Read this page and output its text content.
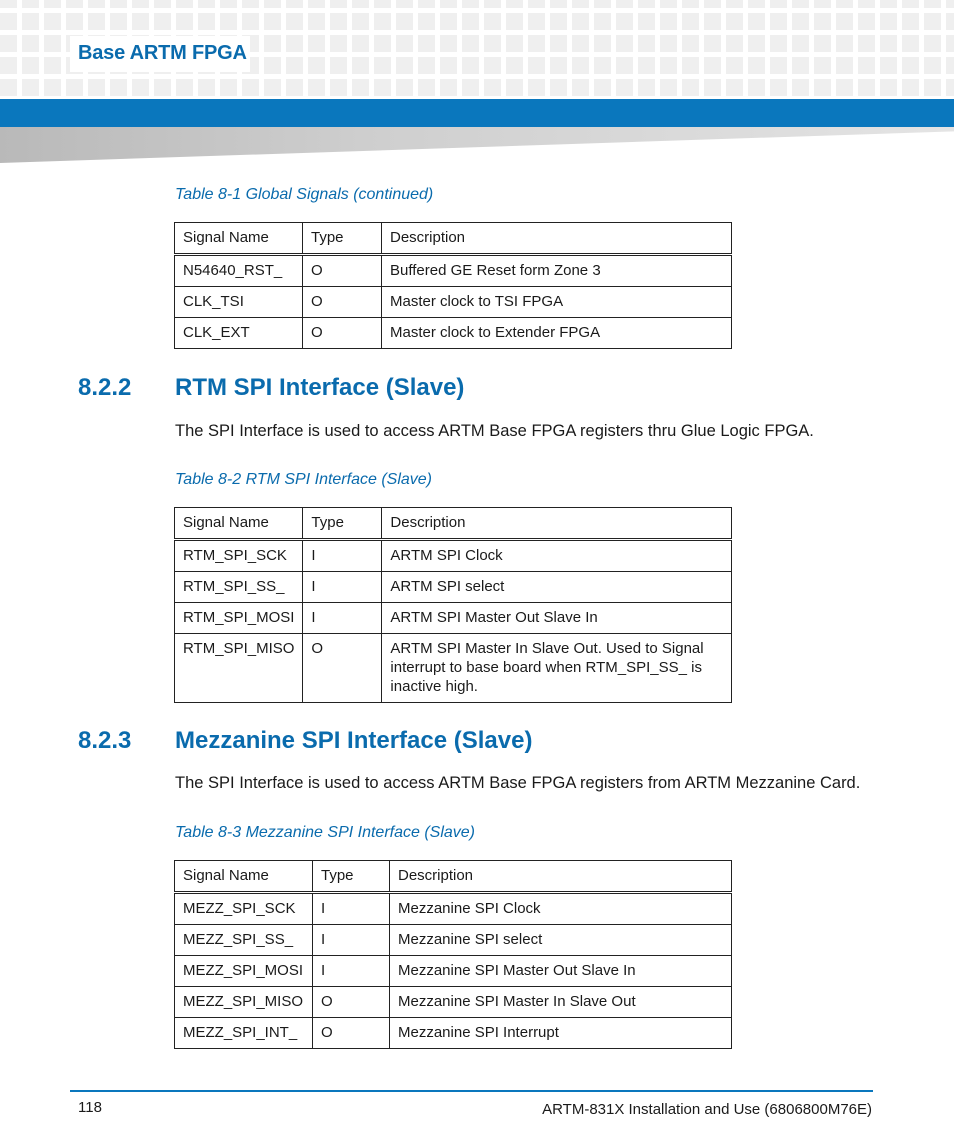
Base ARTM FPGA
Table 8-1 Global Signals (continued)
Signal Name	Type	Description
N54640_RST_	O	Buffered GE Reset form Zone 3
CLK_TSI	O	Master clock to TSI FPGA
CLK_EXT	O	Master clock to Extender FPGA
8.2.2 RTM SPI Interface (Slave)
The SPI Interface is used to access ARTM Base FPGA registers thru Glue Logic FPGA.
Table 8-2 RTM SPI Interface (Slave)
Signal Name	Type	Description
RTM_SPI_SCK	I	ARTM SPI Clock
RTM_SPI_SS_	I	ARTM SPI select
RTM_SPI_MOSI	I	ARTM SPI Master Out Slave In
RTM_SPI_MISO	O	ARTM SPI Master In Slave Out. Used to Signal interrupt to base board when RTM_SPI_SS_ is inactive high.
8.2.3 Mezzanine SPI Interface (Slave)
The SPI Interface is used to access ARTM Base FPGA registers from ARTM Mezzanine Card.
Table 8-3 Mezzanine SPI Interface (Slave)
Signal Name	Type	Description
MEZZ_SPI_SCK	I	Mezzanine SPI Clock
MEZZ_SPI_SS_	I	Mezzanine SPI select
MEZZ_SPI_MOSI	I	Mezzanine SPI Master Out Slave In
MEZZ_SPI_MISO	O	Mezzanine SPI Master In Slave Out
MEZZ_SPI_INT_	O	Mezzanine SPI Interrupt
118	ARTM-831X Installation and Use (6806800M76E)
